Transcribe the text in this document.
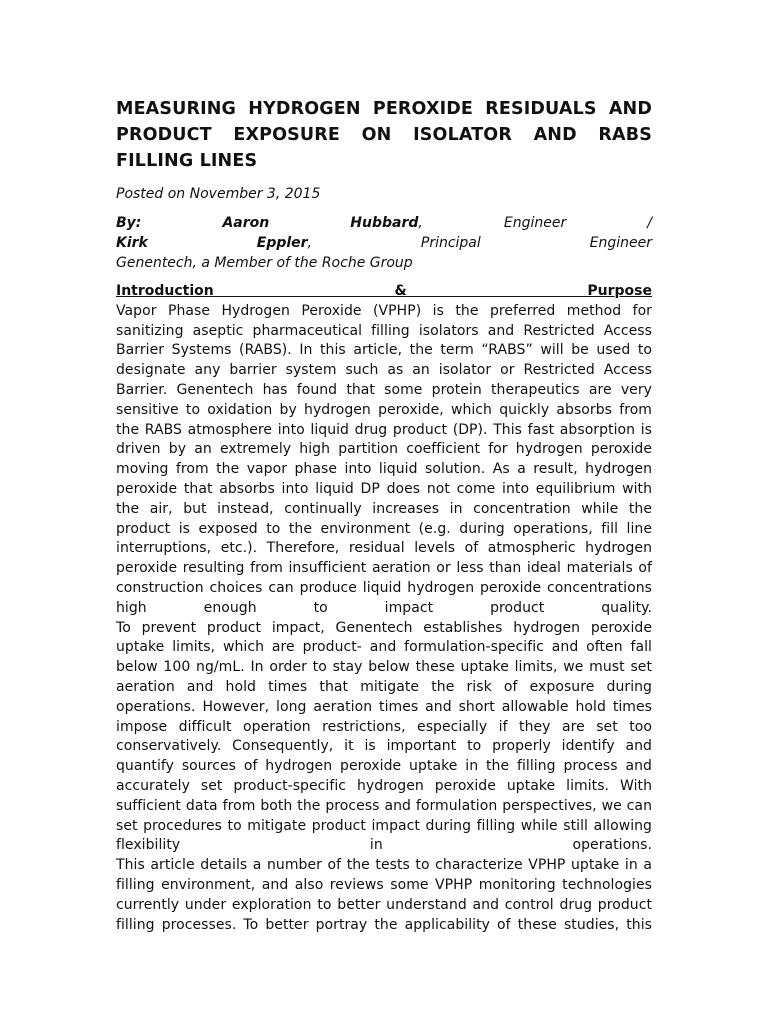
MEASURING HYDROGEN PEROXIDE RESIDUALS AND PRODUCT EXPOSURE ON ISOLATOR AND RABS FILLING LINES

Posted on November 3, 2015

By:	Aaron	Hubbard, Engineer	/
Kirk	Eppler, Principal	Engineer
Genentech, a Member of the Roche Group
Introduction	&	Purpose

Vapor Phase Hydrogen Peroxide (VPHP) is the preferred method for sanitizing aseptic pharmaceutical filling isolators and Restricted Access Barrier Systems (RABS). In this article, the term “RABS” will be used to designate any barrier system such as an isolator or Restricted Access Barrier. Genentech has found that some protein therapeutics are very sensitive to oxidation by hydrogen peroxide, which quickly absorbs from the RABS atmosphere into liquid drug product (DP). This fast absorption is driven by an extremely high partition coefficient for hydrogen peroxide moving from the vapor phase into liquid solution. As a result, hydrogen peroxide that absorbs into liquid DP does not come into equilibrium with the air, but instead, continually increases in concentration while the product is exposed to the environment (e.g. during operations, fill line interruptions, etc.). Therefore, residual levels of atmospheric hydrogen peroxide resulting from insufficient aeration or less than ideal materials of construction choices can produce liquid hydrogen peroxide concentrations high enough to impact product quality.

To prevent product impact, Genentech establishes hydrogen peroxide uptake limits, which are product- and formulation-specific and often fall below 100 ng/mL. In order to stay below these uptake limits, we must set aeration and hold times that mitigate the risk of exposure during operations. However, long aeration times and short allowable hold times impose difficult operation restrictions, especially if they are set too conservatively. Consequently, it is important to properly identify and quantify sources of hydrogen peroxide uptake in the filling process and accurately set product-specific hydrogen peroxide uptake limits. With sufficient data from both the process and formulation perspectives, we can set procedures to mitigate product impact during filling while still allowing flexibility in operations.

This article details a number of the tests to characterize VPHP uptake in a filling environment, and also reviews some VPHP monitoring technologies currently under exploration to better understand and control drug product filling processes. To better portray the applicability of these studies, this
